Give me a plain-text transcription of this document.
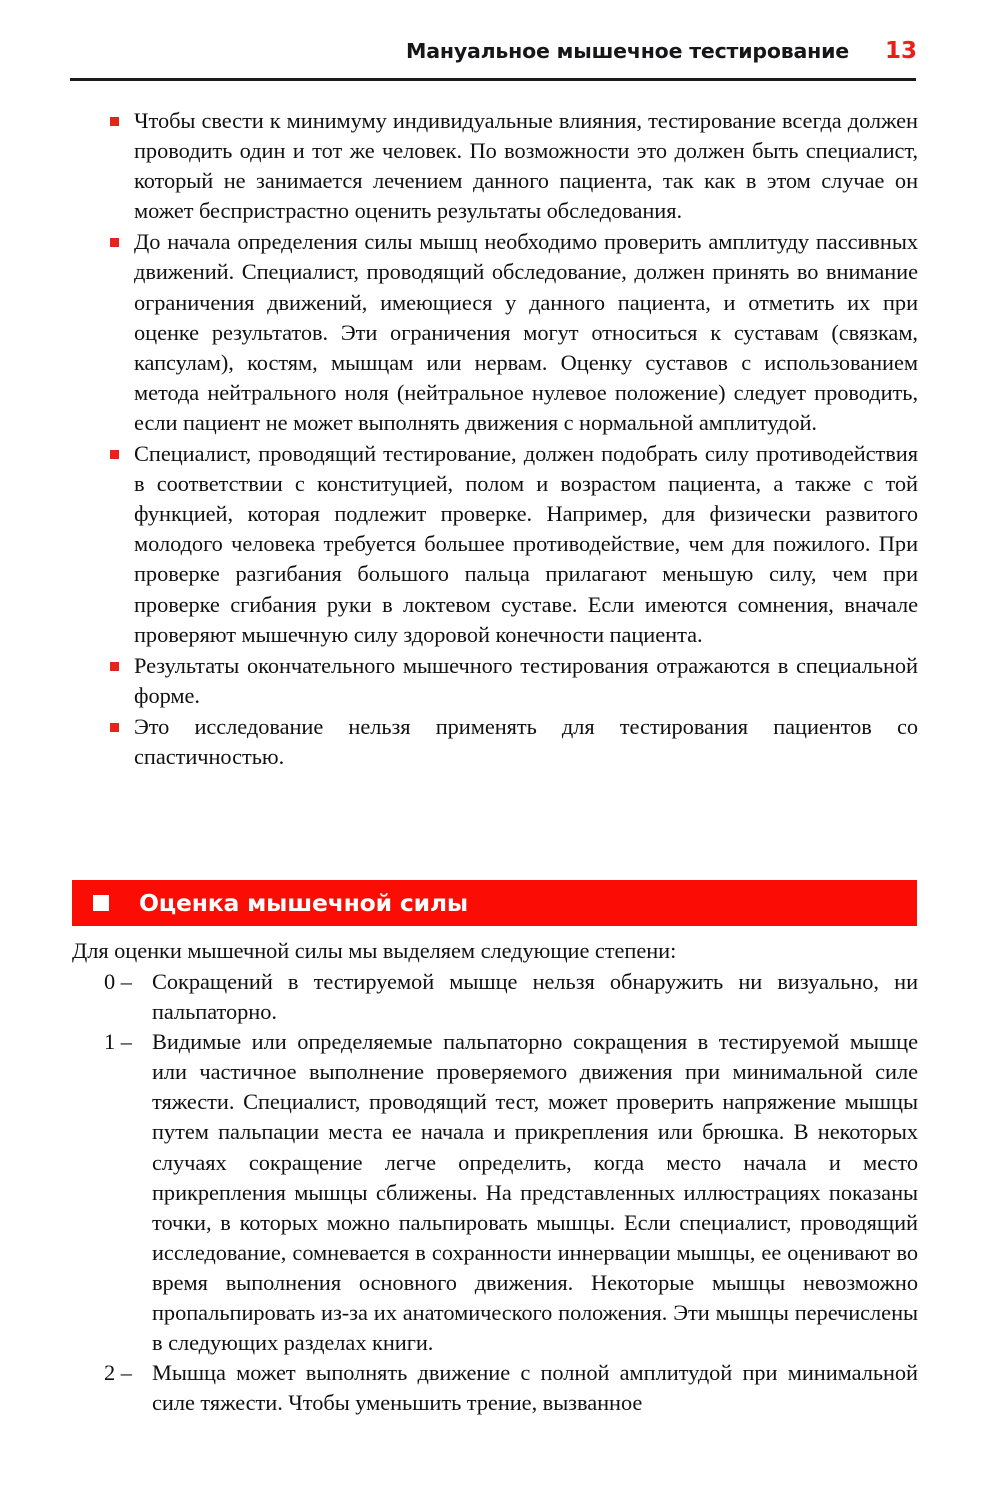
Мануальное мышечное тестирование 13
Чтобы свести к минимуму индивидуальные влияния, тестирование всегда должен проводить один и тот же человек. По возможности это должен быть специалист, который не занимается лечением данного пациента, так как в этом случае он может беспристрастно оценить результаты обследования.
До начала определения силы мышц необходимо проверить амплитуду пассивных движений. Специалист, проводящий обследование, должен принять во внимание ограничения движений, имеющиеся у данного пациента, и отметить их при оценке результатов. Эти ограничения могут относиться к суставам (связкам, капсулам), костям, мышцам или нервам. Оценку суставов с использованием метода нейтрального ноля (нейтральное нулевое положение) следует проводить, если пациент не может выполнять движения с нормальной амплитудой.
Специалист, проводящий тестирование, должен подобрать силу противодействия в соответствии с конституцией, полом и возрастом пациента, а также с той функцией, которая подлежит проверке. Например, для физически развитого молодого человека требуется большее противодействие, чем для пожилого. При проверке разгибания большого пальца прилагают меньшую силу, чем при проверке сгибания руки в локтевом суставе. Если имеются сомнения, вначале проверяют мышечную силу здоровой конечности пациента.
Результаты окончательного мышечного тестирования отражаются в специальной форме.
Это исследование нельзя применять для тестирования пациентов со спастичностью.
Оценка мышечной силы
Для оценки мышечной силы мы выделяем следующие степени:
0 – Сокращений в тестируемой мышце нельзя обнаружить ни визуально, ни пальпаторно.
1 – Видимые или определяемые пальпаторно сокращения в тестируемой мышце или частичное выполнение проверяемого движения при минимальной силе тяжести. Специалист, проводящий тест, может проверить напряжение мышцы путем пальпации места ее начала и прикрепления или брюшка. В некоторых случаях сокращение легче определить, когда место начала и место прикрепления мышцы сближены. На представленных иллюстрациях показаны точки, в которых можно пальпировать мышцы. Если специалист, проводящий исследование, сомневается в сохранности иннервации мышцы, ее оценивают во время выполнения основного движения. Некоторые мышцы невозможно пропальпировать из-за их анатомического положения. Эти мышцы перечислены в следующих разделах книги.
2 – Мышца может выполнять движение с полной амплитудой при минимальной силе тяжести. Чтобы уменьшить трение, вызванное
